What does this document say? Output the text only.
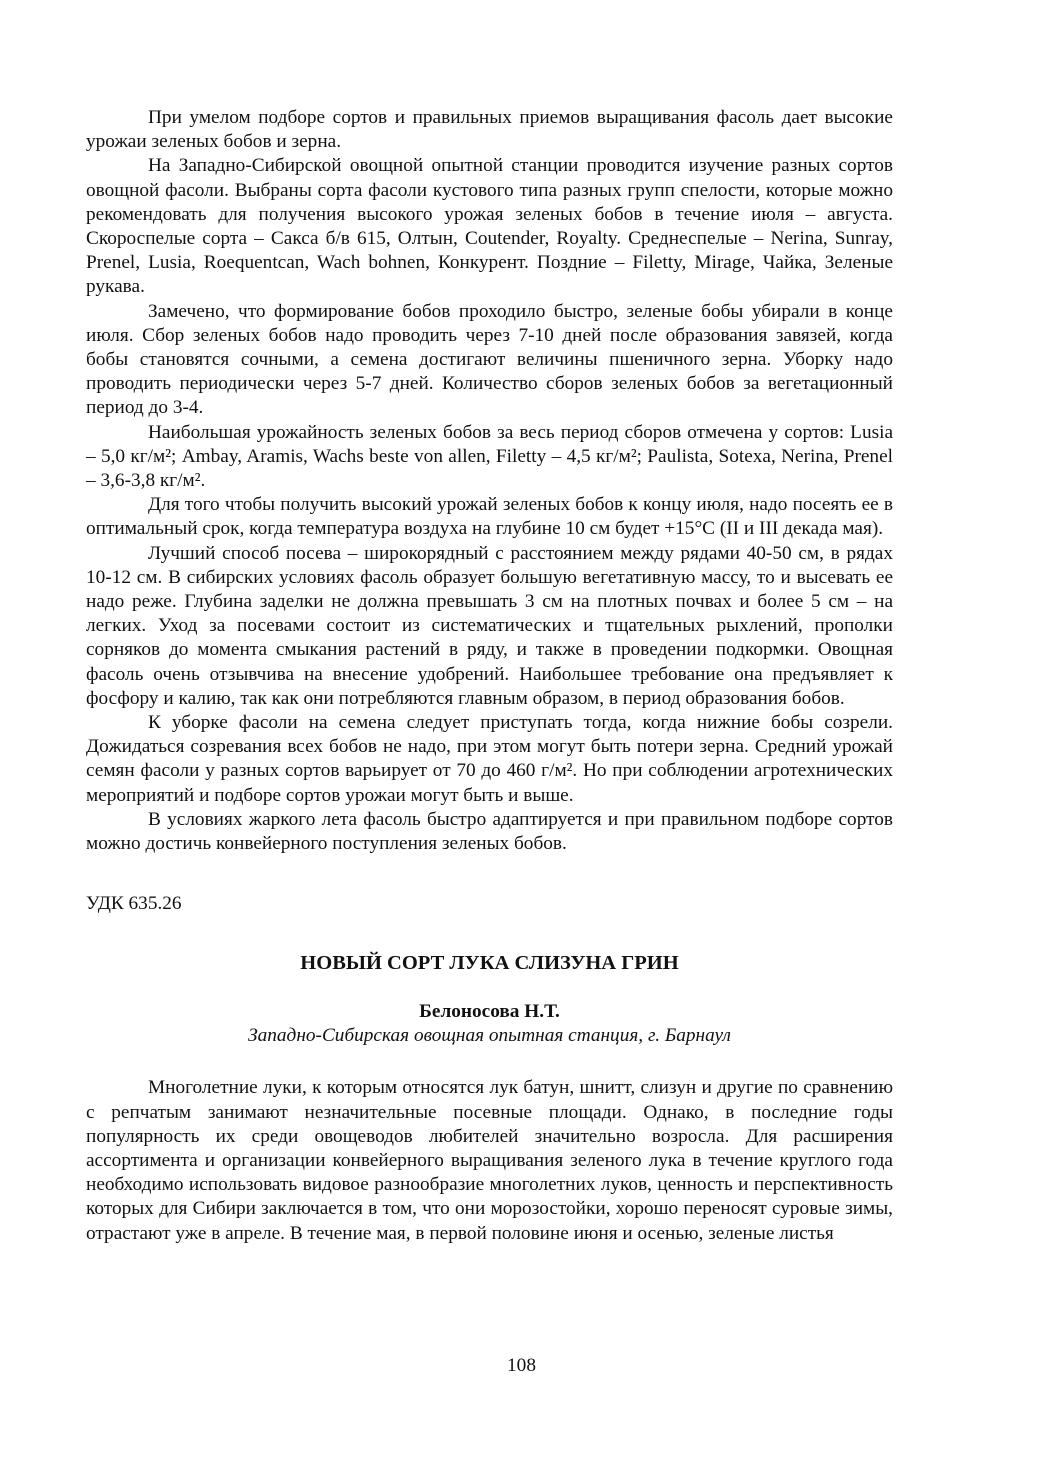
При умелом подборе сортов и правильных приемов выращивания фасоль дает высокие урожаи зеленых бобов и зерна.

На Западно-Сибирской овощной опытной станции проводится изучение разных сортов овощной фасоли. Выбраны сорта фасоли кустового типа разных групп спелости, которые можно рекомендовать для получения высокого урожая зеленых бобов в течение июля – августа. Скороспелые сорта – Сакса б/в 615, Олтын, Coutender, Royalty. Среднеспелые – Nerina, Sunray, Prenel, Lusia, Roequentcan, Wach bohnen, Конкурент. Поздние – Filetty, Mirage, Чайка, Зеленые рукава.

Замечено, что формирование бобов проходило быстро, зеленые бобы убирали в конце июля. Сбор зеленых бобов надо проводить через 7-10 дней после образования завязей, когда бобы становятся сочными, а семена достигают величины пшеничного зерна. Уборку надо проводить периодически через 5-7 дней. Количество сборов зеленых бобов за вегетационный период до 3-4.

Наибольшая урожайность зеленых бобов за весь период сборов отмечена у сортов: Lusia – 5,0 кг/м²; Ambay, Aramis, Wachs beste von allen, Filetty – 4,5 кг/м²; Paulista, Sotexa, Nerina, Prenel – 3,6-3,8 кг/м².

Для того чтобы получить высокий урожай зеленых бобов к концу июля, надо посеять ее в оптимальный срок, когда температура воздуха на глубине 10 см будет +15°С (II и III декада мая).

Лучший способ посева – широкорядный с расстоянием между рядами 40-50 см, в рядах 10-12 см. В сибирских условиях фасоль образует большую вегетативную массу, то и высевать ее надо реже. Глубина заделки не должна превышать 3 см на плотных почвах и более 5 см – на легких. Уход за посевами состоит из систематических и тщательных рыхлений, прополки сорняков до момента смыкания растений в ряду, и также в проведении подкормки. Овощная фасоль очень отзывчива на внесение удобрений. Наибольшее требование она предъявляет к фосфору и калию, так как они потребляются главным образом, в период образования бобов.

К уборке фасоли на семена следует приступать тогда, когда нижние бобы созрели. Дожидаться созревания всех бобов не надо, при этом могут быть потери зерна. Средний урожай семян фасоли у разных сортов варьирует от 70 до 460 г/м². Но при соблюдении агротехнических мероприятий и подборе сортов урожаи могут быть и выше.

В условиях жаркого лета фасоль быстро адаптируется и при правильном подборе сортов можно достичь конвейерного поступления зеленых бобов.

УДК 635.26

НОВЫЙ СОРТ ЛУКА СЛИЗУНА ГРИН

Белоносова Н.Т.

Западно-Сибирская овощная опытная станция, г. Барнаул

Многолетние луки, к которым относятся лук батун, шнитт, слизун и другие по сравнению с репчатым занимают незначительные посевные площади. Однако, в последние годы популярность их среди овощеводов любителей значительно возросла. Для расширения ассортимента и организации конвейерного выращивания зеленого лука в течение круглого года необходимо использовать видовое разнообразие многолетних луков, ценность и перспективность которых для Сибири заключается в том, что они морозостойки, хорошо переносят суровые зимы, отрастают уже в апреле. В течение мая, в первой половине июня и осенью, зеленые листья

108
